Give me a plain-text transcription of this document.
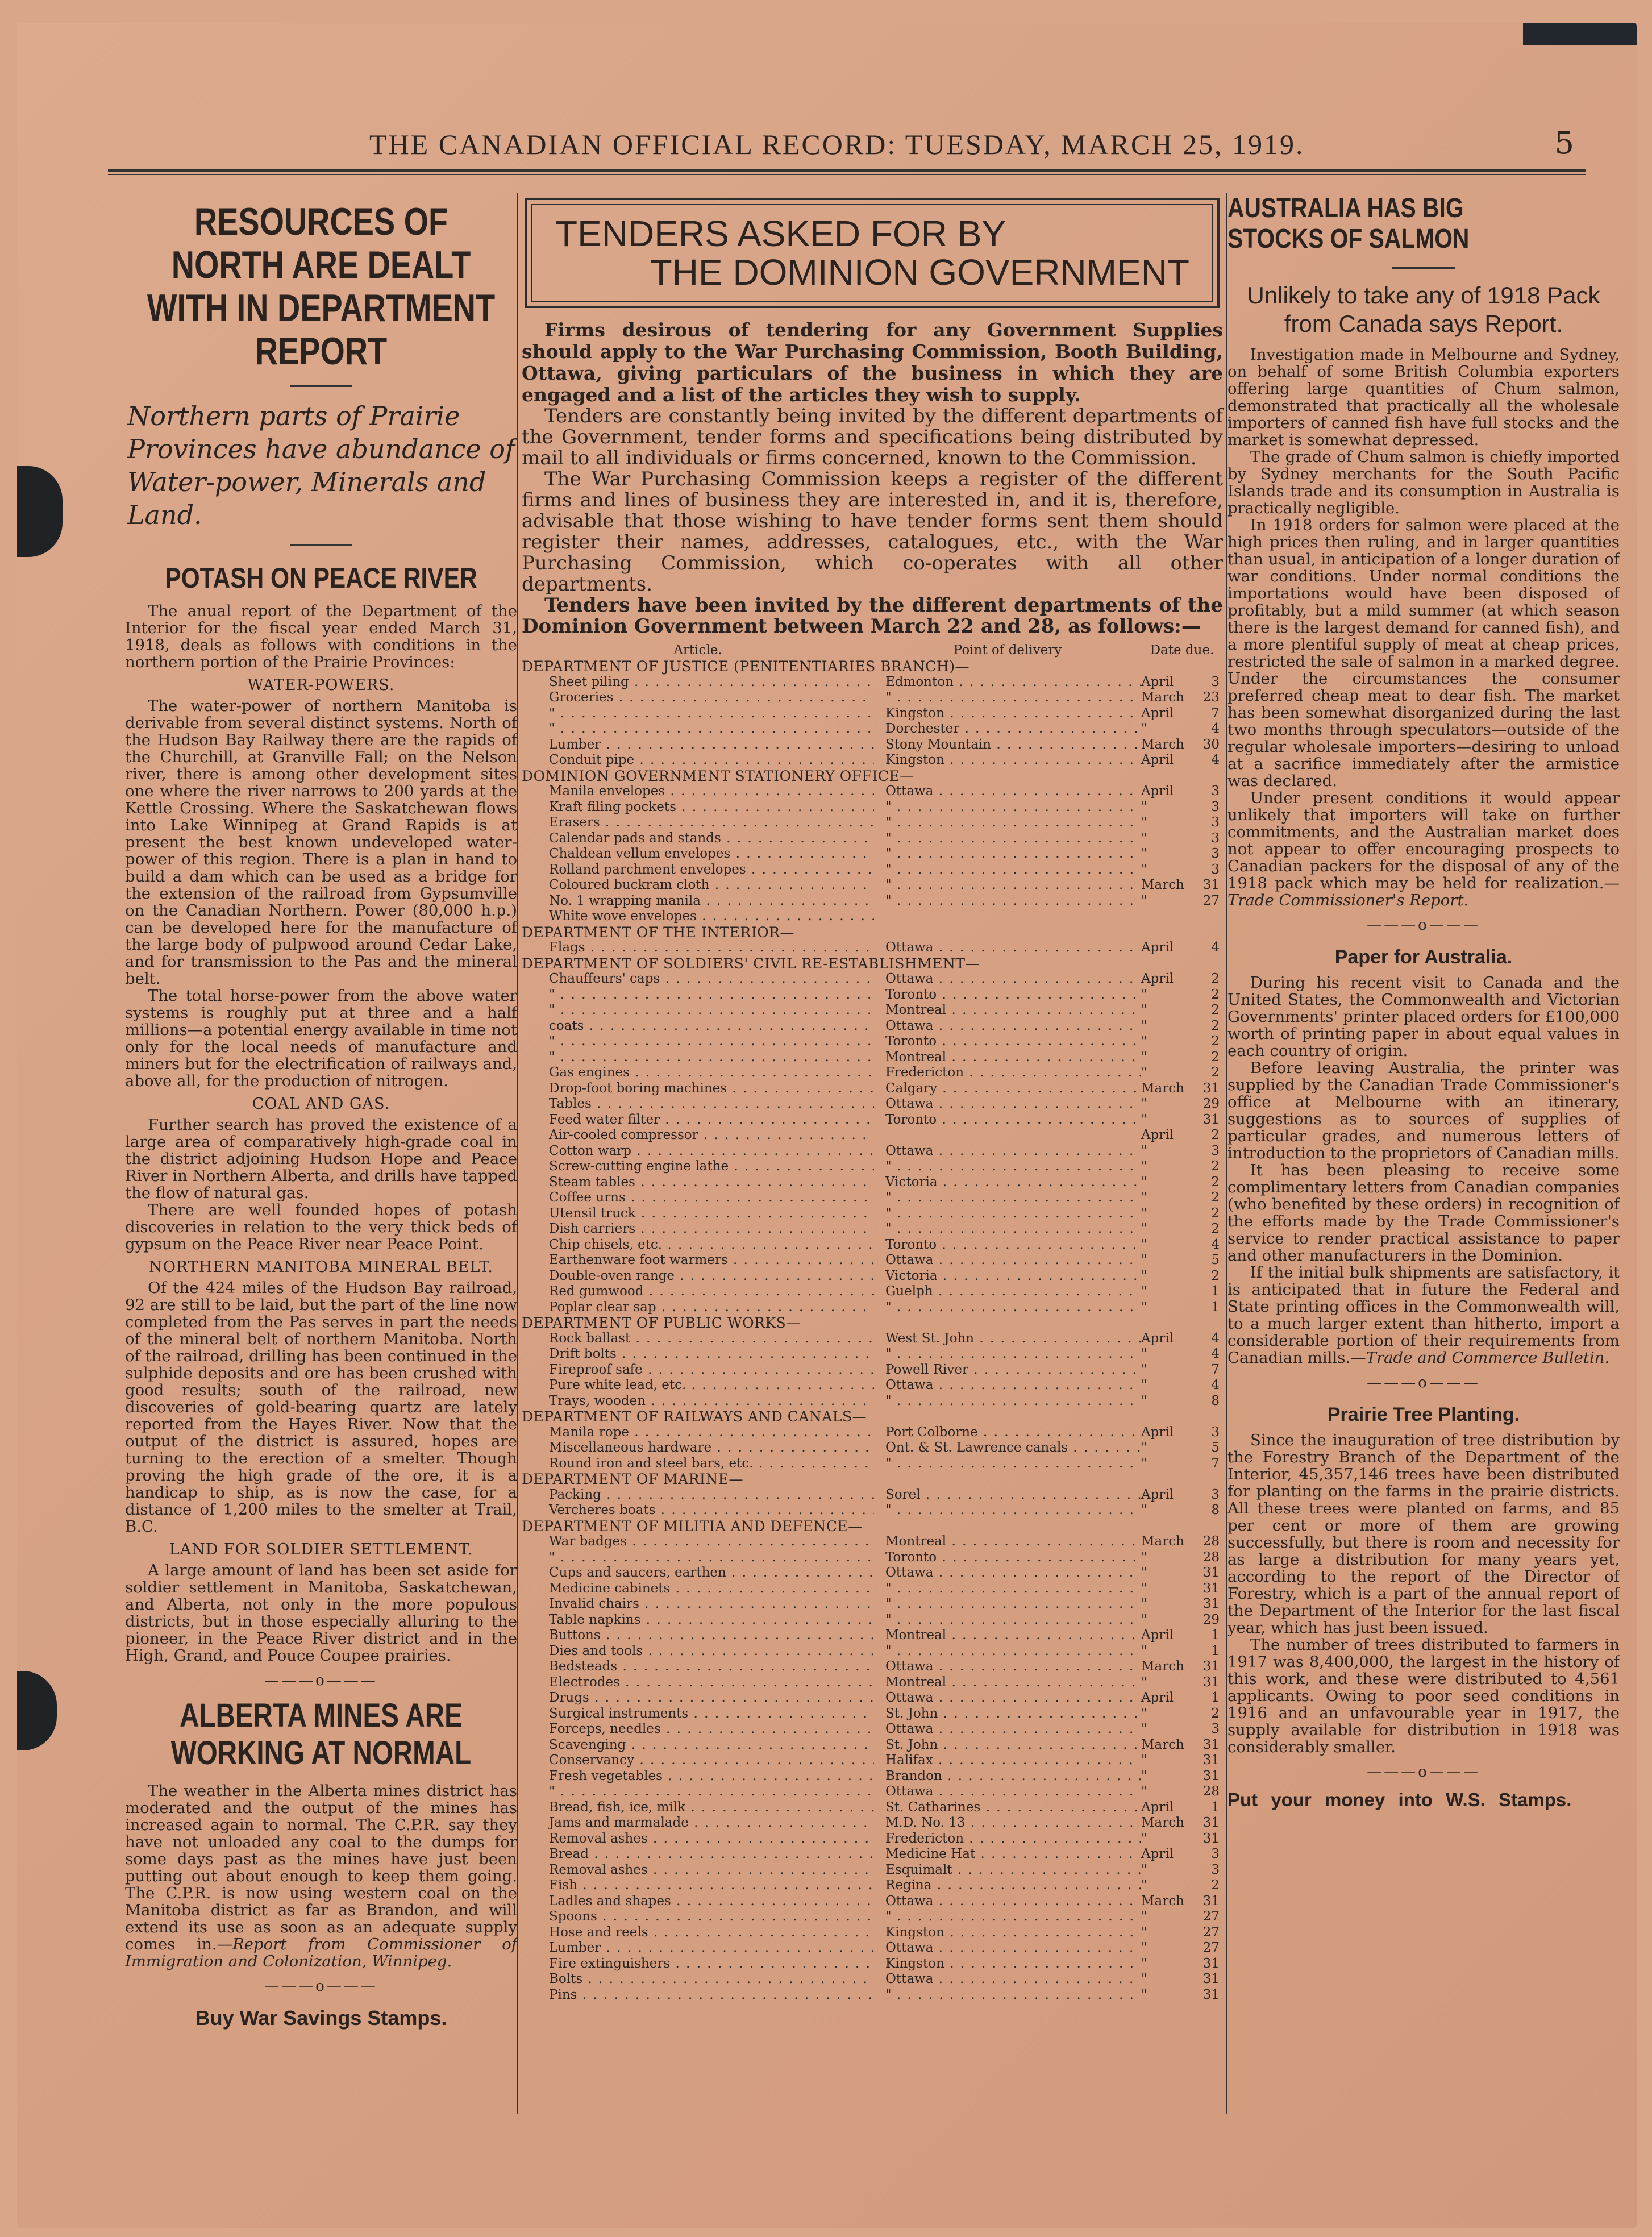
THE CANADIAN OFFICIAL RECORD: TUESDAY, MARCH 25, 1919.	5
RESOURCES OF NORTH ARE DEALT WITH IN DEPARTMENT REPORT
Northern parts of Prairie Provinces have abundance of Water-power, Minerals and Land.
POTASH ON PEACE RIVER

The anual report of the Department of the Interior for the fiscal year ended March 31, 1918, deals as follows with conditions in the northern portion of the Prairie Provinces:

WATER-POWERS.

The water-power of northern Manitoba is derivable from several distinct systems. North of the Hudson Bay Railway there are the rapids of the Churchill, at Granville Fall; on the Nelson river, there is among other development sites one where the river narrows to 200 yards at the Kettle Crossing. Where the Saskatchewan flows into Lake Winnipeg at Grand Rapids is at present the best known undeveloped water-power of this region. There is a plan in hand to build a dam which can be used as a bridge for the extension of the railroad from Gypsumville on the Canadian Northern. Power (80,000 h.p.) can be developed here for the manufacture of the large body of pulpwood around Cedar Lake, and for transmission to the Pas and the mineral belt.

The total horse-power from the above water systems is roughly put at three and a half millions—a potential energy available in time not only for the local needs of manufacture and miners but for the electrification of railways and, above all, for the production of nitrogen.

COAL AND GAS.

Further search has proved the existence of a large area of comparatively high-grade coal in the district adjoining Hudson Hope and Peace River in Northern Alberta, and drills have tapped the flow of natural gas.

There are well founded hopes of potash discoveries in relation to the very thick beds of gypsum on the Peace River near Peace Point.

NORTHERN MANITOBA MINERAL BELT.

Of the 424 miles of the Hudson Bay railroad, 92 are still to be laid, but the part of the line now completed from the Pas serves in part the needs of the mineral belt of northern Manitoba. North of the railroad, drilling has been continued in the sulphide deposits and ore has been crushed with good results; south of the railroad, new discoveries of gold-bearing quartz are lately reported from the Hayes River. Now that the output of the district is assured, hopes are turning to the erection of a smelter. Though proving the high grade of the ore, it is a handicap to ship, as is now the case, for a distance of 1,200 miles to the smelter at Trail, B.C.

LAND FOR SOLDIER SETTLEMENT.

A large amount of land has been set aside for soldier settlement in Manitoba, Saskatchewan, and Alberta, not only in the more populous districts, but in those especially alluring to the pioneer, in the Peace River district and in the High, Grand, and Pouce Coupee prairies.

———o———
ALBERTA MINES ARE WORKING AT NORMAL

The weather in the Alberta mines district has moderated and the output of the mines has increased again to normal. The C.P.R. say they have not unloaded any coal to the dumps for some days past as the mines have just been putting out about enough to keep them going. The C.P.R. is now using western coal on the Manitoba district as far as Brandon, and will extend its use as soon as an adequate supply comes in.—Report from Commissioner of Immigration and Colonization, Winnipeg.

———o———
Buy War Savings Stamps.
TENDERS ASKED FOR BY
THE DOMINION GOVERNMENT

Firms desirous of tendering for any Government Supplies should apply to the War Purchasing Commission, Booth Building, Ottawa, giving particulars of the business in which they are engaged and a list of the articles they wish to supply.

Tenders are constantly being invited by the different departments of the Government, tender forms and specifications being distributed by mail to all individuals or firms concerned, known to the Commission.

The War Purchasing Commission keeps a register of the different firms and lines of business they are interested in, and it is, therefore, advisable that those wishing to have tender forms sent them should register their names, addresses, catalogues, etc., with the War Purchasing Commission, which co-operates with all other departments.

Tenders have been invited by the different departments of the Dominion Government between March 22 and 28, as follows:—

Article.	Point of delivery	Date due.
DEPARTMENT OF JUSTICE (PENITENTIARIES BRANCH)—
Sheet piling . . .	Edmonton . . .	April	3
Groceries . . .	" . . .	March	23
" . . .	Kingston . . .	April	7
" . . .	Dorchester . . .	"	4
Lumber . . .	Stony Mountain . . .	March	30
Conduit pipe . . .	Kingston . . .	April	4
DOMINION GOVERNMENT STATIONERY OFFICE—
Manila envelopes . . .	Ottawa . . .	April	3
Kraft filing pockets . . .	" . . .	"	3
Erasers . . .	" . . .	"	3
Calendar pads and stands . . .	" . . .	"	3
Chaldean vellum envelopes . . .	" . . .	"	3
Rolland parchment envelopes . . .	" . . .	"	3
Coloured buckram cloth . . .	" . . .	March	31
No. 1 wrapping manila . . .	" . . .	"	27
White wove envelopes . . .
DEPARTMENT OF THE INTERIOR—
Flags . . .	Ottawa . . .	April	4
DEPARTMENT OF SOLDIERS' CIVIL RE-ESTABLISHMENT—
Chauffeurs' caps . . .	Ottawa . . .	April	2
" . . .	Toronto . . .	"	2
" . . .	Montreal . . .	"	2
coats . . .	Ottawa . . .	"	2
" . . .	Toronto . . .	"	2
" . . .	Montreal . . .	"	2
Gas engines . . .	Fredericton . . .	"	2
Drop-foot boring machines . . .	Calgary . . .	March	31
Tables . . .	Ottawa . . .	"	29
Feed water filter . . .	Toronto . . .	"	31
Air-cooled compressor . . .	April	2
Cotton warp . . .	Ottawa . . .	"	3
Screw-cutting engine lathe . . .	" . . .	"	2
Steam tables . . .	Victoria . . .	"	2
Coffee urns . . .	" . . .	"	2
Utensil truck . . .	" . . .	"	2
Dish carriers . . .	" . . .	"	2
Chip chisels, etc. . . .	Toronto . . .	"	4
Earthenware foot warmers . . .	Ottawa . . .	"	5
Double-oven range . . .	Victoria . . .	"	2
Red gumwood . . .	Guelph . . .	"	1
Poplar clear sap . . .	" . . .	"	1
DEPARTMENT OF PUBLIC WORKS—
Rock ballast . . .	West St. John . . .	April	4
Drift bolts . . .	" . . .	"	4
Fireproof safe . . .	Powell River . . .	"	7
Pure white lead, etc. . . .	Ottawa . . .	"	4
Trays, wooden . . .	" . . .	"	8
DEPARTMENT OF RAILWAYS AND CANALS—
Manila rope . . .	Port Colborne . . .	April	3
Miscellaneous hardware . . .	Ont. & St. Lawrence canals . . .	"	5
Round iron and steel bars, etc. . . .	" . . .	"	7
DEPARTMENT OF MARINE—
Packing . . .	Sorel . . .	April	3
Vercheres boats . . .	" . . .	"	8
DEPARTMENT OF MILITIA AND DEFENCE—
War badges . . .	Montreal . . .	March	28
" . . .	Toronto . . .	"	28
Cups and saucers, earthen . . .	Ottawa . . .	"	31
Medicine cabinets . . .	" . . .	"	31
Invalid chairs . . .	" . . .	"	31
Table napkins . . .	" . . .	"	29
Buttons . . .	Montreal . . .	April	1
Dies and tools . . .	" . . .	"	1
Bedsteads . . .	Ottawa . . .	March	31
Electrodes . . .	Montreal . . .	"	31
Drugs . . .	Ottawa . . .	April	1
Surgical instruments . . .	St. John . . .	"	2
Forceps, needles . . .	Ottawa . . .	"	3
Scavenging . . .	St. John . . .	March	31
Conservancy . . .	Halifax . . .	"	31
Fresh vegetables . . .	Brandon . . .	"	31
" . . .	Ottawa . . .	"	28
Bread, fish, ice, milk . . .	St. Catharines . . .	April	1
Jams and marmalade . . .	M.D. No. 13 . . .	March	31
Removal ashes . . .	Fredericton . . .	"	31
Bread . . .	Medicine Hat . . .	April	3
Removal ashes . . .	Esquimalt . . .	"	3
Fish . . .	Regina . . .	"	2
Ladles and shapes . . .	Ottawa . . .	March	31
Spoons . . .	" . . .	"	27
Hose and reels . . .	Kingston . . .	"	27
Lumber . . .	Ottawa . . .	"	27
Fire extinguishers . . .	Kingston . . .	"	31
Bolts . . .	Ottawa . . .	"	31
Pins . . .	" . . .	"	31
AUSTRALIA HAS BIG STOCKS OF SALMON
Unlikely to take any of 1918 Pack from Canada says Report.

Investigation made in Melbourne and Sydney, on behalf of some British Columbia exporters offering large quantities of Chum salmon, demonstrated that practically all the wholesale importers of canned fish have full stocks and the market is somewhat depressed.

The grade of Chum salmon is chiefly imported by Sydney merchants for the South Pacific Islands trade and its consumption in Australia is practically negligible.

In 1918 orders for salmon were placed at the high prices then ruling, and in larger quantities than usual, in anticipation of a longer duration of war conditions. Under normal conditions the importations would have been disposed of profitably, but a mild summer (at which season there is the largest demand for canned fish), and a more plentiful supply of meat at cheap prices, restricted the sale of salmon in a marked degree. Under the circumstances the consumer preferred cheap meat to dear fish. The market has been somewhat disorganized during the last two months through speculators—outside of the regular wholesale importers—desiring to unload at a sacrifice immediately after the armistice was declared.

Under present conditions it would appear unlikely that importers will take on further commitments, and the Australian market does not appear to offer encouraging prospects to Canadian packers for the disposal of any of the 1918 pack which may be held for realization.—Trade Commissioner's Report.

———o———
Paper for Australia.

During his recent visit to Canada and the United States, the Commonwealth and Victorian Governments' printer placed orders for £100,000 worth of printing paper in about equal values in each country of origin.

Before leaving Australia, the printer was supplied by the Canadian Trade Commissioner's office at Melbourne with an itinerary, suggestions as to sources of supplies of particular grades, and numerous letters of introduction to the proprietors of Canadian mills.

It has been pleasing to receive some complimentary letters from Canadian companies (who benefited by these orders) in recognition of the efforts made by the Trade Commissioner's service to render practical assistance to paper and other manufacturers in the Dominion.

If the initial bulk shipments are satisfactory, it is anticipated that in future the Federal and State printing offices in the Commonwealth will, to a much larger extent than hitherto, import a considerable portion of their requirements from Canadian mills.—Trade and Commerce Bulletin.

———o———
Prairie Tree Planting.

Since the inauguration of tree distribution by the Forestry Branch of the Department of the Interior, 45,357,146 trees have been distributed for planting on the farms in the prairie districts. All these trees were planted on farms, and 85 per cent or more of them are growing successfully, but there is room and necessity for as large a distribution for many years yet, according to the report of the Director of Forestry, which is a part of the annual report of the Department of the Interior for the last fiscal year, which has just been issued.

The number of trees distributed to farmers in 1917 was 8,400,000, the largest in the history of this work, and these were distributed to 4,561 applicants. Owing to poor seed conditions in 1916 and an unfavourable year in 1917, the supply available for distribution in 1918 was considerably smaller.

———o———
Put your money into W.S. Stamps.
